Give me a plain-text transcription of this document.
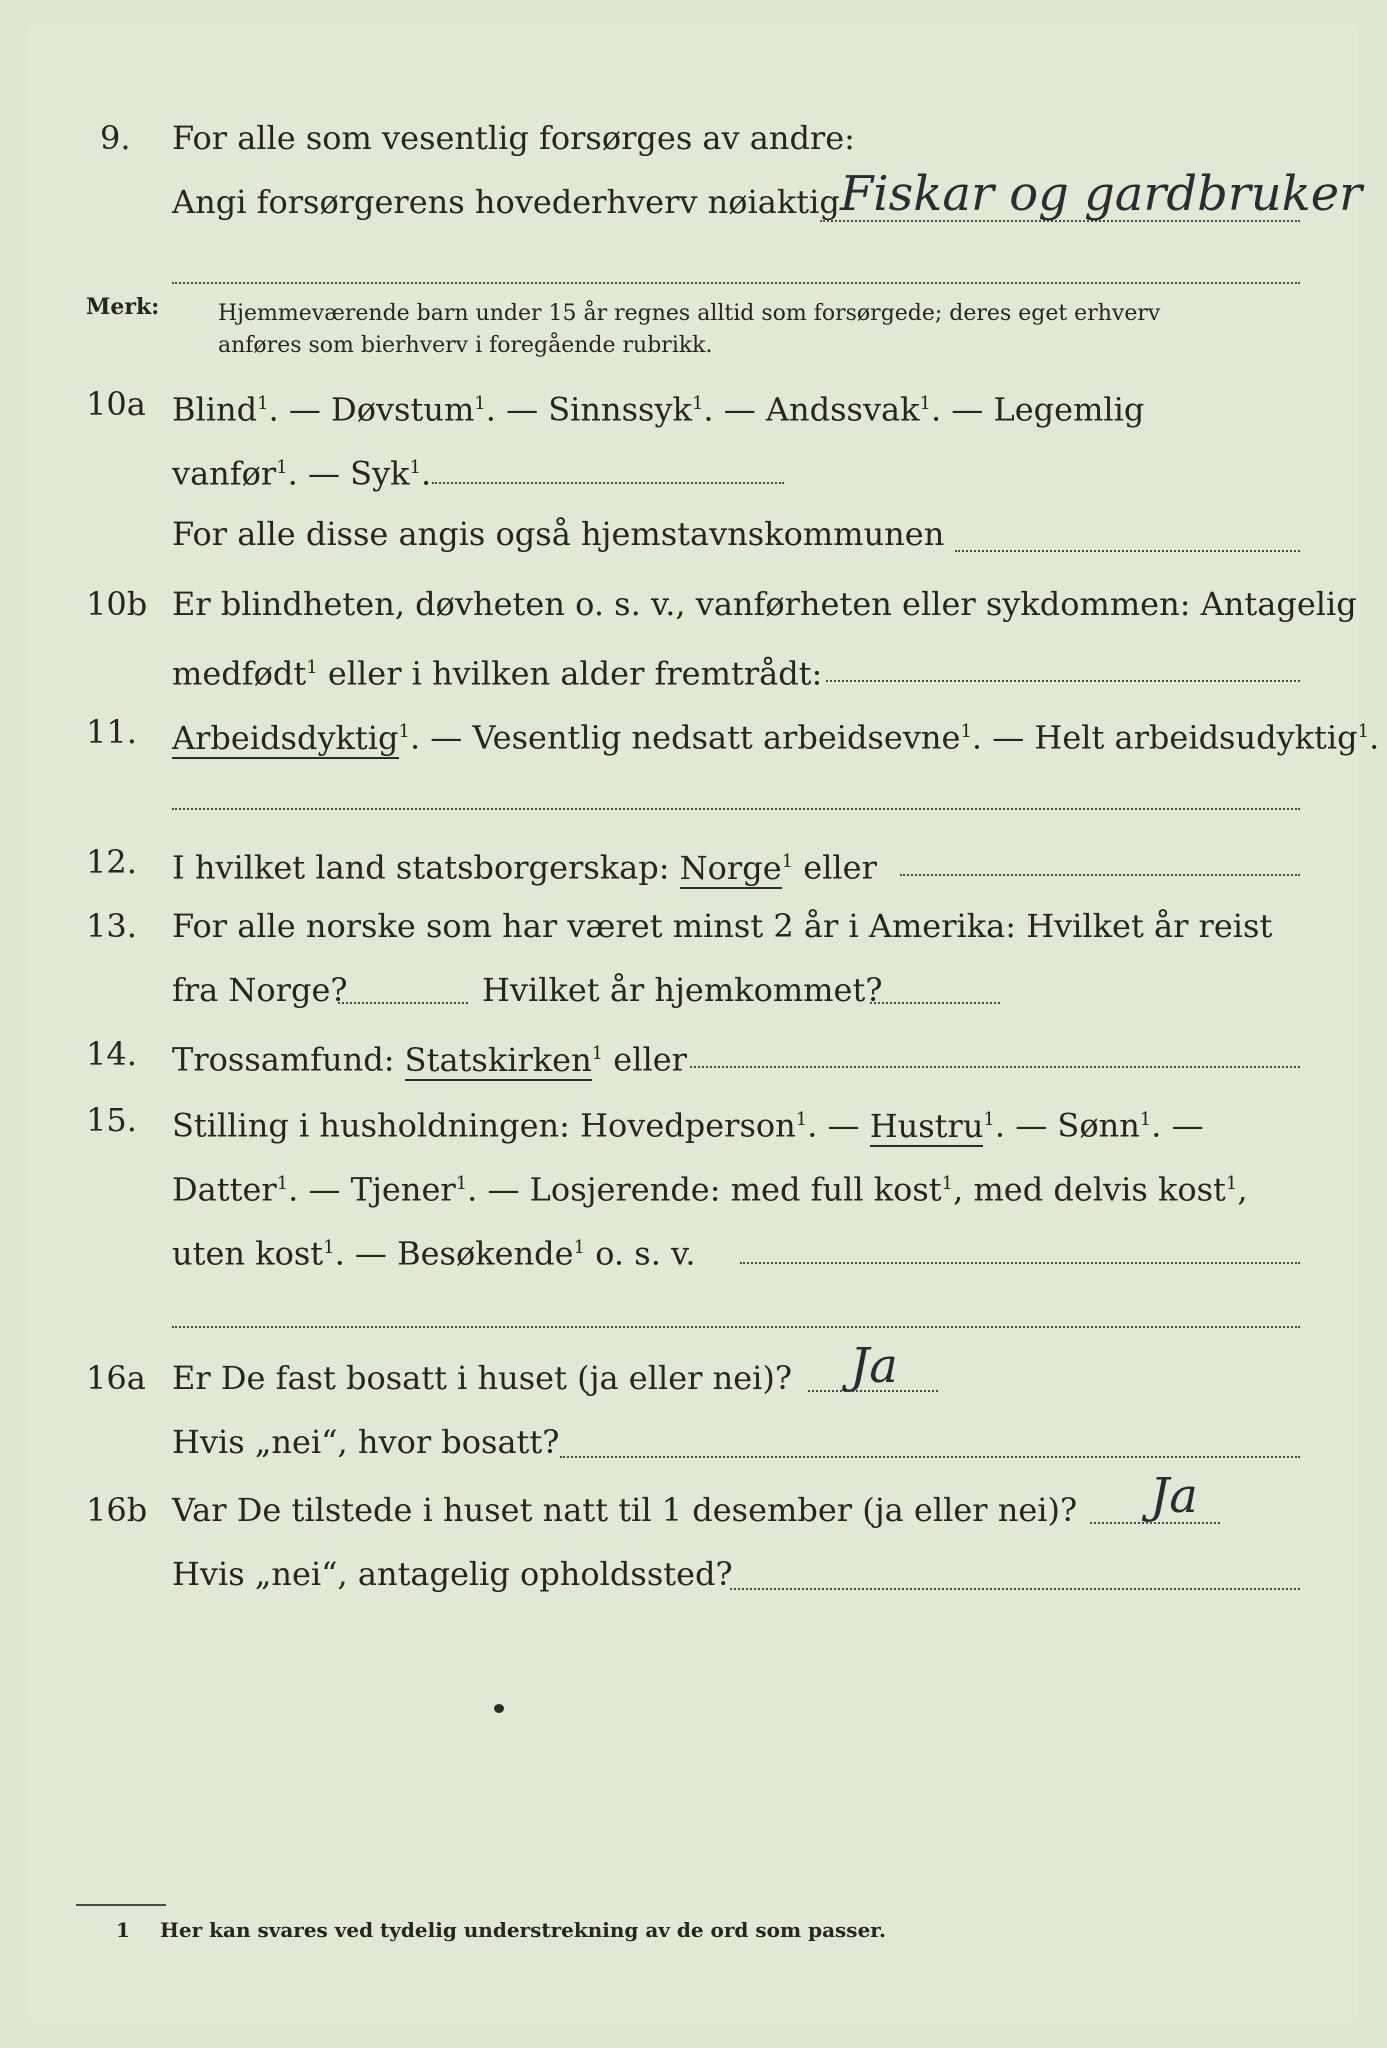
9. For alle som vesentlig forsørges av andre:
Angi forsørgerens hovederhverv nøiaktig Fiskar og gardbruker
Merk:	Hjemmeværende barn under 15 år regnes alltid som forsørgede; deres eget erhverv
anføres som bierhverv i foregående rubrikk.
10a Blind$^1$. — Døvstum$^1$. — Sinnssyk$^1$. — Andssvak$^1$. — Legemlig
vanfør$^1$. — Syk$^1$.
For alle disse angis også hjemstavnskommunen
10b Er blindheten, døvheten o. s. v., vanførheten eller sykdommen: Antagelig
medfødt$^1$ eller i hvilken alder fremtrådt:
11. Arbeidsdyktig$^1$. — Vesentlig nedsatt arbeidsevne$^1$. — Helt arbeidsudyktig$^1$.
12. I hvilket land statsborgerskap: Norge$^1$ eller
13. For alle norske som har været minst 2 år i Amerika: Hvilket år reist
fra Norge?	Hvilket år hjemkommet?
14. Trossamfund: Statskirken$^1$ eller
15. Stilling i husholdningen: Hovedperson$^1$. — Hustru$^1$. — Sønn$^1$. —
Datter$^1$. — Tjener$^1$. — Losjerende: med full kost$^1$, med delvis kost$^1$,
uten kost$^1$. — Besøkende$^1$ o. s. v.
16a Er De fast bosatt i huset (ja eller nei)? Ja
Hvis „nei“, hvor bosatt?
16b Var De tilstede i huset natt til 1 desember (ja eller nei)? Ja
Hvis „nei“, antagelig opholdssted?
1 Her kan svares ved tydelig understrekning av de ord som passer.
